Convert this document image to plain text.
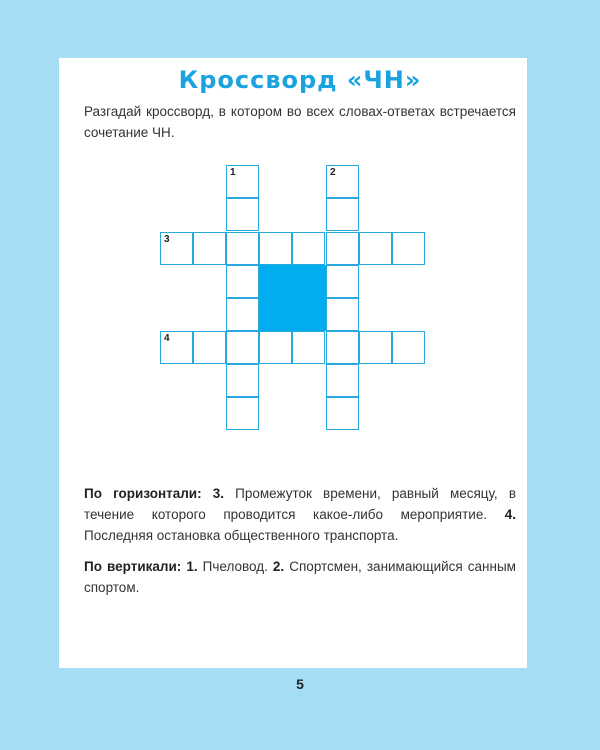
Кроссворд «ЧН»
Разгадай кроссворд, в котором во всех словах-ответах встречается сочетание ЧН.
1	2
3
4
По горизонтали: 3. Промежуток времени, равный месяцу, в течение которого проводится какое-либо мероприятие. 4. Последняя остановка общественного транспорта.
По вертикали: 1. Пчеловод. 2. Спортсмен, занимающийся санным спортом.
5
